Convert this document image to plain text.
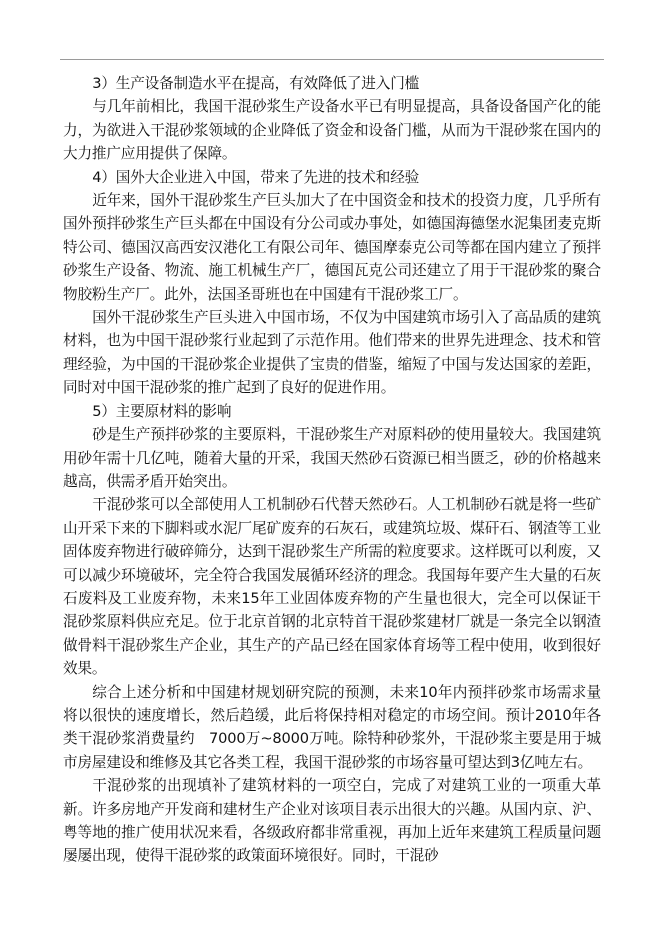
3）生产设备制造水平在提高，有效降低了进入门槛

与几年前相比，我国干混砂浆生产设备水平已有明显提高，具备设备国产化的能力，为欲进入干混砂浆领域的企业降低了资金和设备门槛，从而为干混砂浆在国内的大力推广应用提供了保障。

4）国外大企业进入中国，带来了先进的技术和经验

近年来，国外干混砂浆生产巨头加大了在中国资金和技术的投资力度，几乎所有国外预拌砂浆生产巨头都在中国设有分公司或办事处，如德国海德堡水泥集团麦克斯特公司、德国汉高西安汉港化工有限公司年、德国摩泰克公司等都在国内建立了预拌砂浆生产设备、物流、施工机械生产厂，德国瓦克公司还建立了用于干混砂浆的聚合物胶粉生产厂。此外，法国圣哥班也在中国建有干混砂浆工厂。

国外干混砂浆生产巨头进入中国市场，不仅为中国建筑市场引入了高品质的建筑材料，也为中国干混砂浆行业起到了示范作用。他们带来的世界先进理念、技术和管理经验，为中国的干混砂浆企业提供了宝贵的借鉴，缩短了中国与发达国家的差距，同时对中国干混砂浆的推广起到了良好的促进作用。

5）主要原材料的影响

砂是生产预拌砂浆的主要原料，干混砂浆生产对原料砂的使用量较大。我国建筑用砂年需十几亿吨，随着大量的开采，我国天然砂石资源已相当匮乏，砂的价格越来越高，供需矛盾开始突出。

干混砂浆可以全部使用人工机制砂石代替天然砂石。人工机制砂石就是将一些矿山开采下来的下脚料或水泥厂尾矿废弃的石灰石，或建筑垃圾、煤矸石、钢渣等工业固体废弃物进行破碎筛分，达到干混砂浆生产所需的粒度要求。这样既可以利废，又可以减少环境破坏，完全符合我国发展循环经济的理念。我国每年要产生大量的石灰石废料及工业废弃物，未来15年工业固体废弃物的产生量也很大，完全可以保证干混砂浆原料供应充足。位于北京首钢的北京特首干混砂浆建材厂就是一条完全以钢渣做骨料干混砂浆生产企业，其生产的产品已经在国家体育场等工程中使用，收到很好效果。

综合上述分析和中国建材规划研究院的预测，未来10年内预拌砂浆市场需求量将以很快的速度增长，然后趋缓，此后将保持相对稳定的市场空间。预计2010年各类干混砂浆消费量约　7000万~8000万吨。除特种砂浆外，干混砂浆主要是用于城市房屋建设和维修及其它各类工程，我国干混砂浆的市场容量可望达到3亿吨左右。

干混砂浆的出现填补了建筑材料的一项空白，完成了对建筑工业的一项重大革新。许多房地产开发商和建材生产企业对该项目表示出很大的兴趣。从国内京、沪、粤等地的推广使用状况来看，各级政府都非常重视，再加上近年来建筑工程质量问题屡屡出现，使得干混砂浆的政策面环境很好。同时，干混砂
